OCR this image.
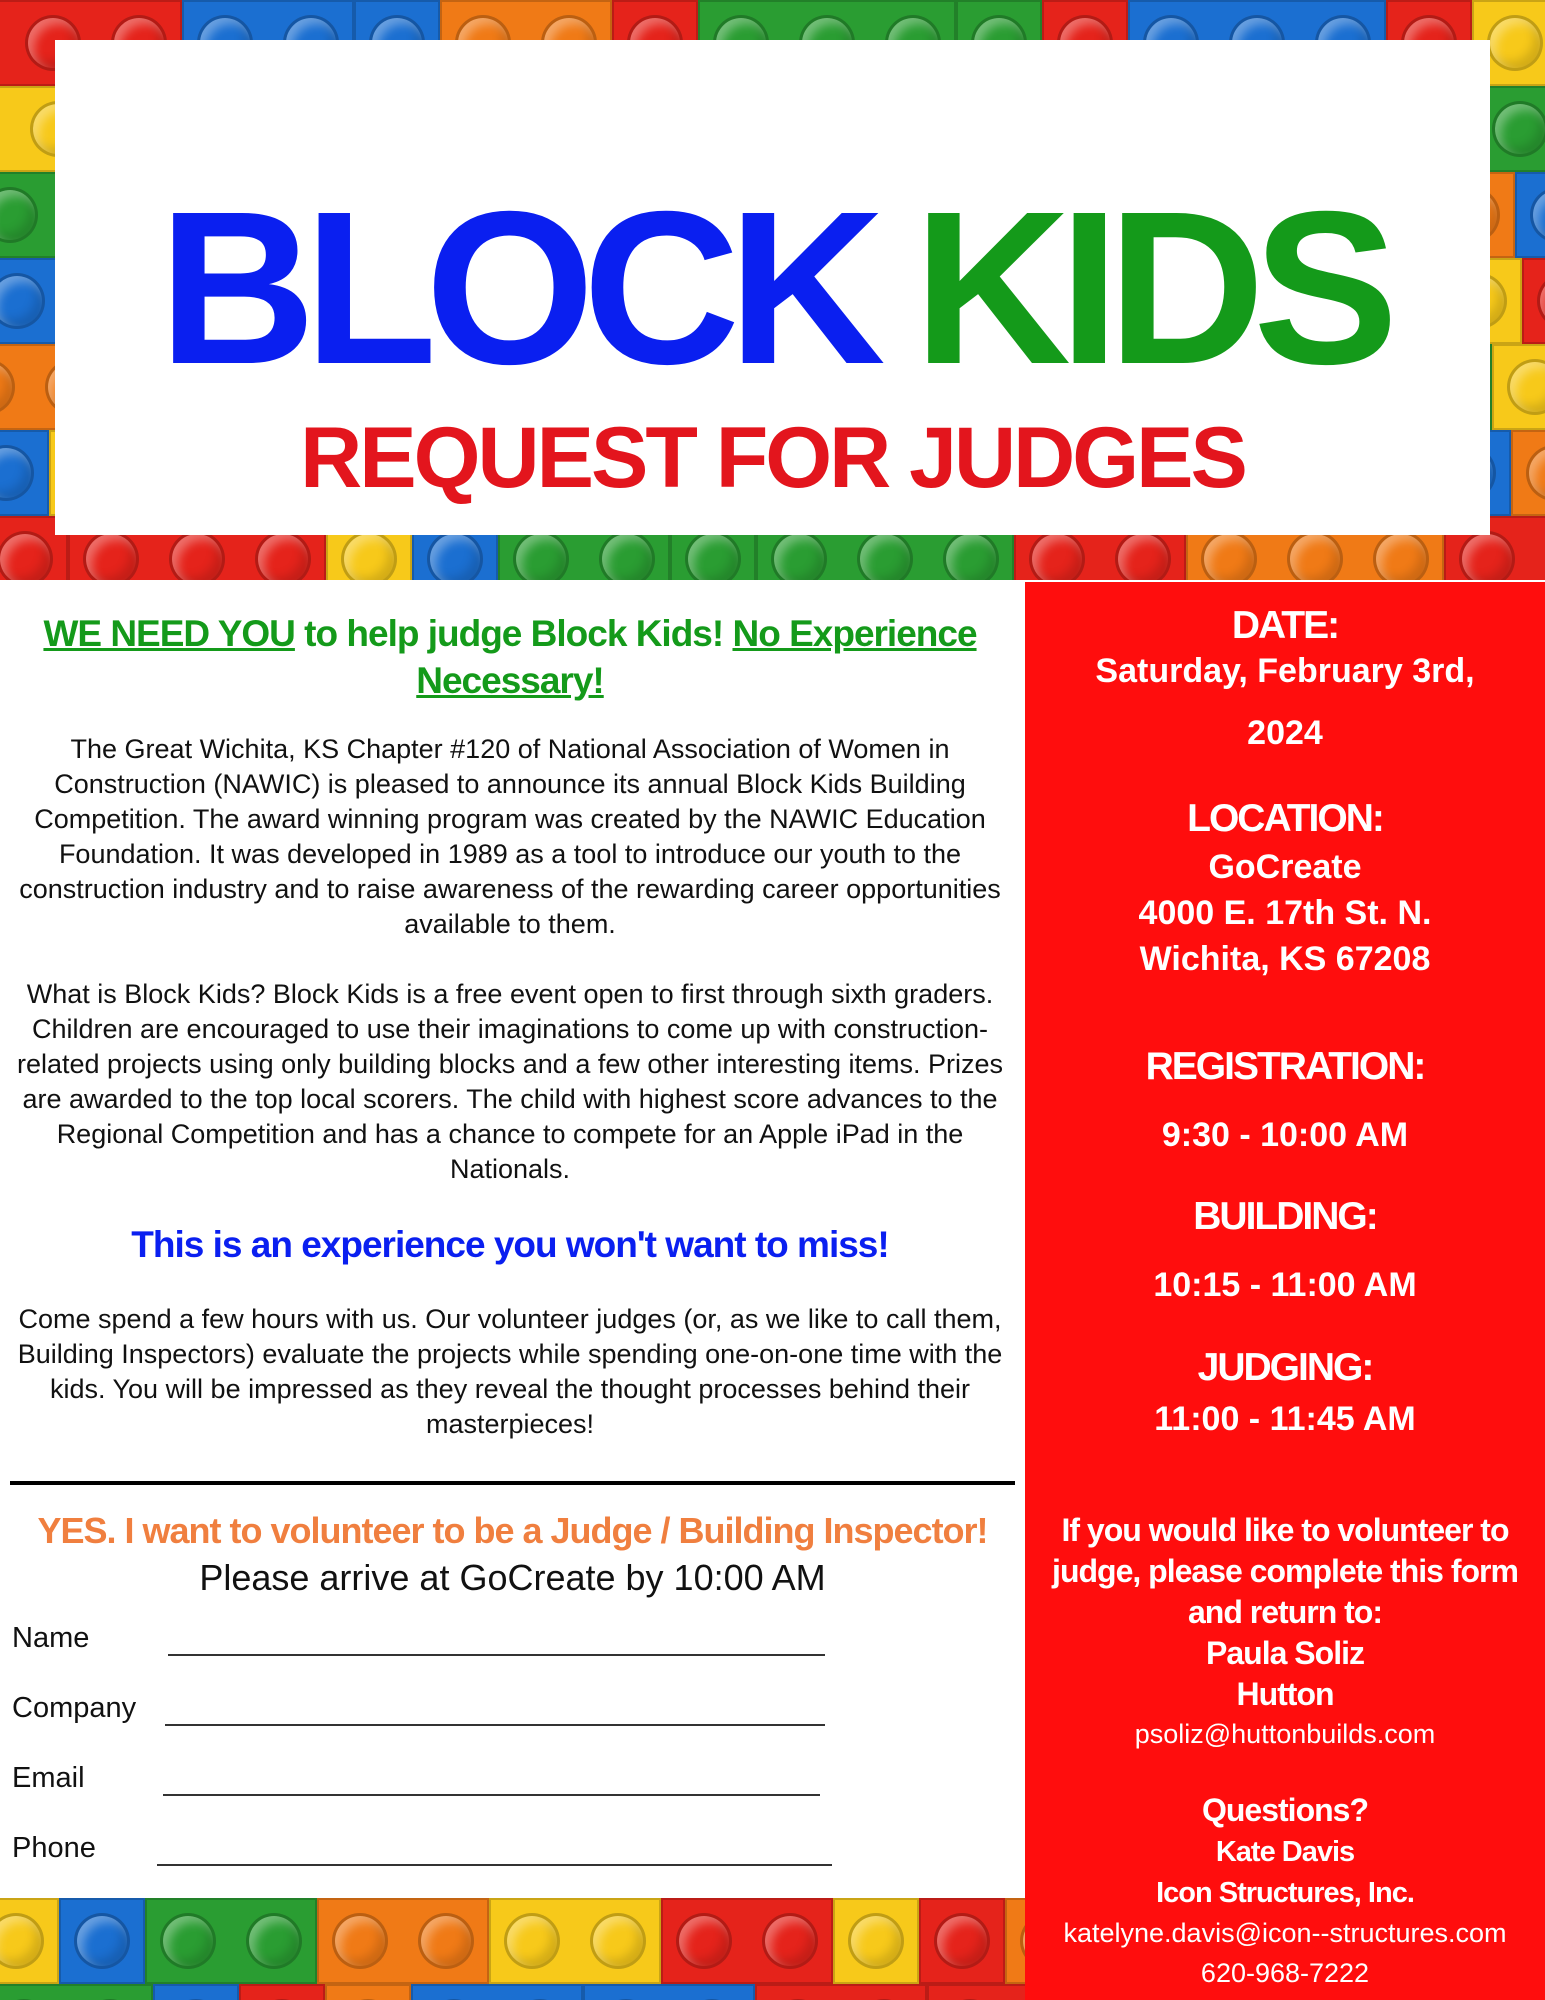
BLOCK KIDS
REQUEST FOR JUDGES
WE NEED YOU to help judge Block Kids! No Experience Necessary!
The Great Wichita, KS Chapter #120 of National Association of Women in Construction (NAWIC) is pleased to announce its annual Block Kids Building Competition. The award winning program was created by the NAWIC Education Foundation. It was developed in 1989 as a tool to introduce our youth to the construction industry and to raise awareness of the rewarding career opportunities available to them.
What is Block Kids? Block Kids is a free event open to first through sixth graders. Children are encouraged to use their imaginations to come up with construction-related projects using only building blocks and a few other interesting items. Prizes are awarded to the top local scorers. The child with highest score advances to the Regional Competition and has a chance to compete for an Apple iPad in the Nationals.
This is an experience you won't want to miss!
Come spend a few hours with us. Our volunteer judges (or, as we like to call them, Building Inspectors) evaluate the projects while spending one-on-one time with the kids. You will be impressed as they reveal the thought processes behind their masterpieces!
YES. I want to volunteer to be a Judge / Building Inspector!
Please arrive at GoCreate by 10:00 AM
Name
Company
Email
Phone
DATE:
Saturday, February 3rd,
2024
LOCATION:
GoCreate
4000 E. 17th St. N.
Wichita, KS 67208
REGISTRATION:
9:30 - 10:00 AM
BUILDING:
10:15 - 11:00 AM
JUDGING:
11:00 - 11:45 AM
If you would like to volunteer to
judge, please complete this form
and return to:
Paula Soliz
Hutton
psoliz@huttonbuilds.com
Questions?
Kate Davis
Icon Structures, Inc.
katelyne.davis@icon--structures.com
620-968-7222
